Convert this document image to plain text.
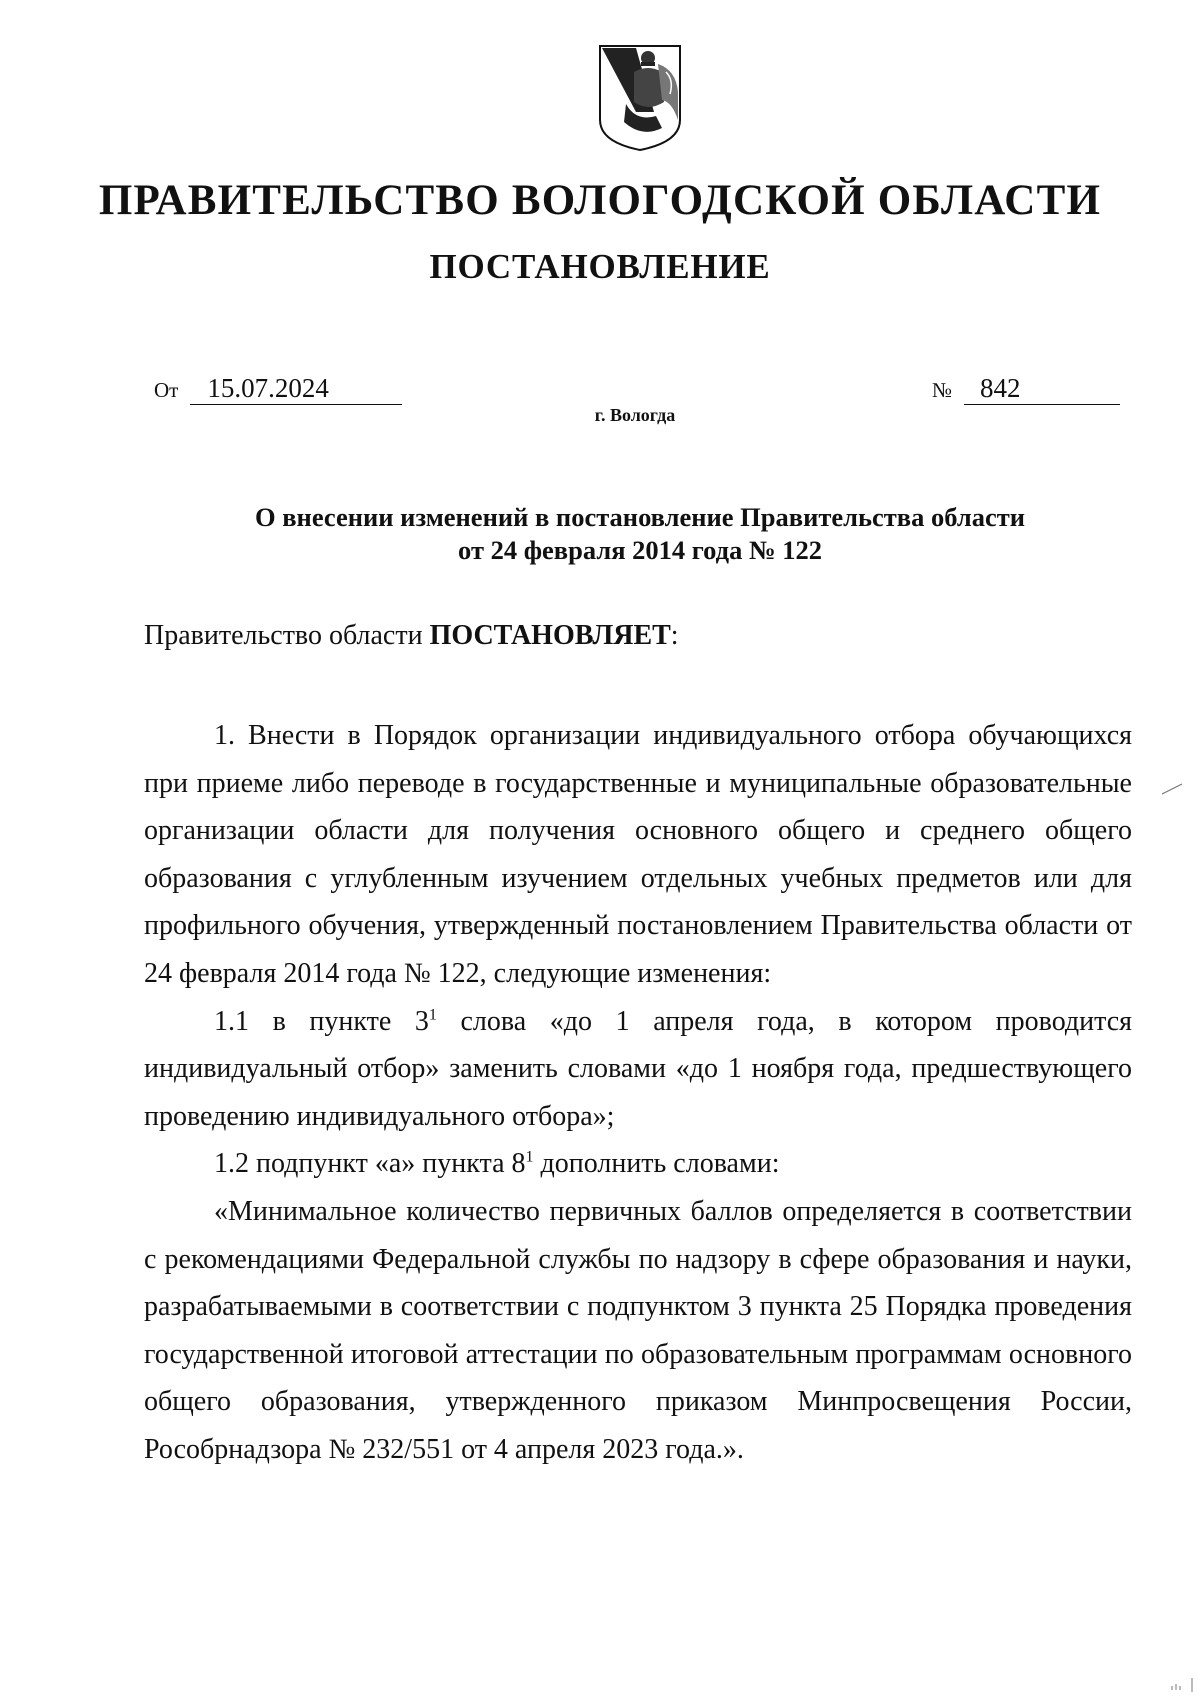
ПРАВИТЕЛЬСТВО ВОЛОГОДСКОЙ ОБЛАСТИ
ПОСТАНОВЛЕНИЕ
От 15.07.2024	№ 842
г. Вологда
О внесении изменений в постановление Правительства области
от 24 февраля 2014 года № 122
Правительство области ПОСТАНОВЛЯЕТ:

1. Внести в Порядок организации индивидуального отбора обучающихся при приеме либо переводе в государственные и муниципальные образовательные организации области для получения основного общего и среднего общего образования с углубленным изучением отдельных учебных предметов или для профильного обучения, утвержденный постановлением Правительства области от 24 февраля 2014 года № 122, следующие изменения:

1.1 в пункте $3^1$ слова «до 1 апреля года, в котором проводится индивидуальный отбор» заменить словами «до 1 ноября года, предшествующего проведению индивидуального отбора»;

1.2 подпункт «а» пункта $8^1$ дополнить словами:

«Минимальное количество первичных баллов определяется в соответствии с рекомендациями Федеральной службы по надзору в сфере образования и науки, разрабатываемыми в соответствии с подпунктом 3 пункта 25 Порядка проведения государственной итоговой аттестации по образовательным программам основного общего образования, утвержденного приказом Минпросвещения России, Рособрнадзора № 232/551 от 4 апреля 2023 года.».
